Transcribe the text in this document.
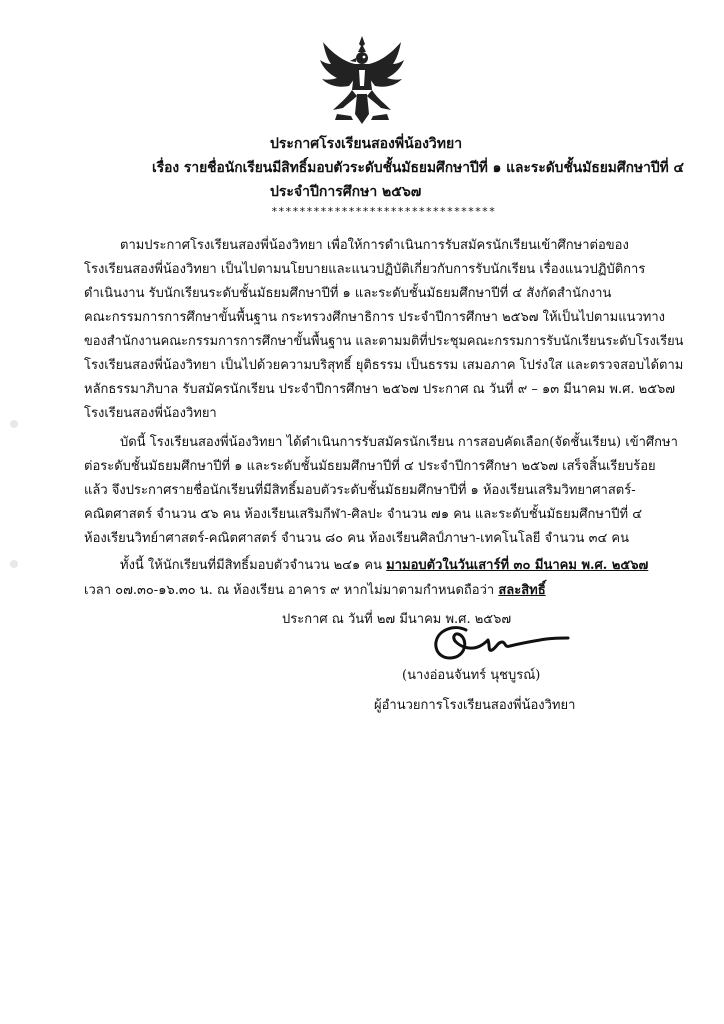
ประกาศโรงเรียนสองพี่น้องวิทยา
เรื่อง รายชื่อนักเรียนมีสิทธิ์มอบตัวระดับชั้นมัธยมศึกษาปีที่ ๑ และระดับชั้นมัธยมศึกษาปีที่ ๔
ประจำปีการศึกษา ๒๕๖๗
********************************
ตามประกาศโรงเรียนสองพี่น้องวิทยา เพื่อให้การดำเนินการรับสมัครนักเรียนเข้าศึกษาต่อของ
โรงเรียนสองพี่น้องวิทยา เป็นไปตามนโยบายและแนวปฏิบัติเกี่ยวกับการรับนักเรียน เรื่องแนวปฏิบัติการ
ดำเนินงาน รับนักเรียนระดับชั้นมัธยมศึกษาปีที่ ๑ และระดับชั้นมัธยมศึกษาปีที่ ๔ สังกัดสำนักงาน
คณะกรรมการการศึกษาขั้นพื้นฐาน กระทรวงศึกษาธิการ ประจำปีการศึกษา ๒๕๖๗ ให้เป็นไปตามแนวทาง
ของสำนักงานคณะกรรมการการศึกษาขั้นพื้นฐาน และตามมติที่ประชุมคณะกรรมการรับนักเรียนระดับโรงเรียน
โรงเรียนสองพี่น้องวิทยา เป็นไปด้วยความบริสุทธิ์ ยุติธรรม เป็นธรรม เสมอภาค โปร่งใส และตรวจสอบได้ตาม
หลักธรรมาภิบาล รับสมัครนักเรียน ประจำปีการศึกษา ๒๕๖๗ ประกาศ ณ วันที่ ๙ – ๑๓ มีนาคม พ.ศ. ๒๕๖๗
โรงเรียนสองพี่น้องวิทยา
บัดนี้ โรงเรียนสองพี่น้องวิทยา ได้ดำเนินการรับสมัครนักเรียน การสอบคัดเลือก(จัดชั้นเรียน) เข้าศึกษา
ต่อระดับชั้นมัธยมศึกษาปีที่ ๑ และระดับชั้นมัธยมศึกษาปีที่ ๔ ประจำปีการศึกษา ๒๕๖๗ เสร็จสิ้นเรียบร้อย
แล้ว จึงประกาศรายชื่อนักเรียนที่มีสิทธิ์มอบตัวระดับชั้นมัธยมศึกษาปีที่ ๑ ห้องเรียนเสริมวิทยาศาสตร์-
คณิตศาสตร์ จำนวน ๕๖ คน ห้องเรียนเสริมกีฬา-ศิลปะ จำนวน ๗๑ คน และระดับชั้นมัธยมศึกษาปีที่ ๔
ห้องเรียนวิทย์าศาสตร์-คณิตศาสตร์ จำนวน ๘๐ คน ห้องเรียนศิลป์ภาษา-เทคโนโลยี จำนวน ๓๔ คน
ทั้งนี้ ให้นักเรียนที่มีสิทธิ์มอบตัวจำนวน ๒๔๑ คน มามอบตัวในวันเสาร์ที่ ๓๐ มีนาคม พ.ศ. ๒๕๖๗
เวลา ๐๗.๓๐-๑๖.๓๐ น. ณ ห้องเรียน อาคาร ๙ หากไม่มาตามกำหนดถือว่า สละสิทธิ์
ประกาศ ณ วันที่ ๒๗ มีนาคม พ.ศ. ๒๕๖๗
(นางอ่อนจันทร์ นุชบูรณ์)
ผู้อำนวยการโรงเรียนสองพี่น้องวิทยา
